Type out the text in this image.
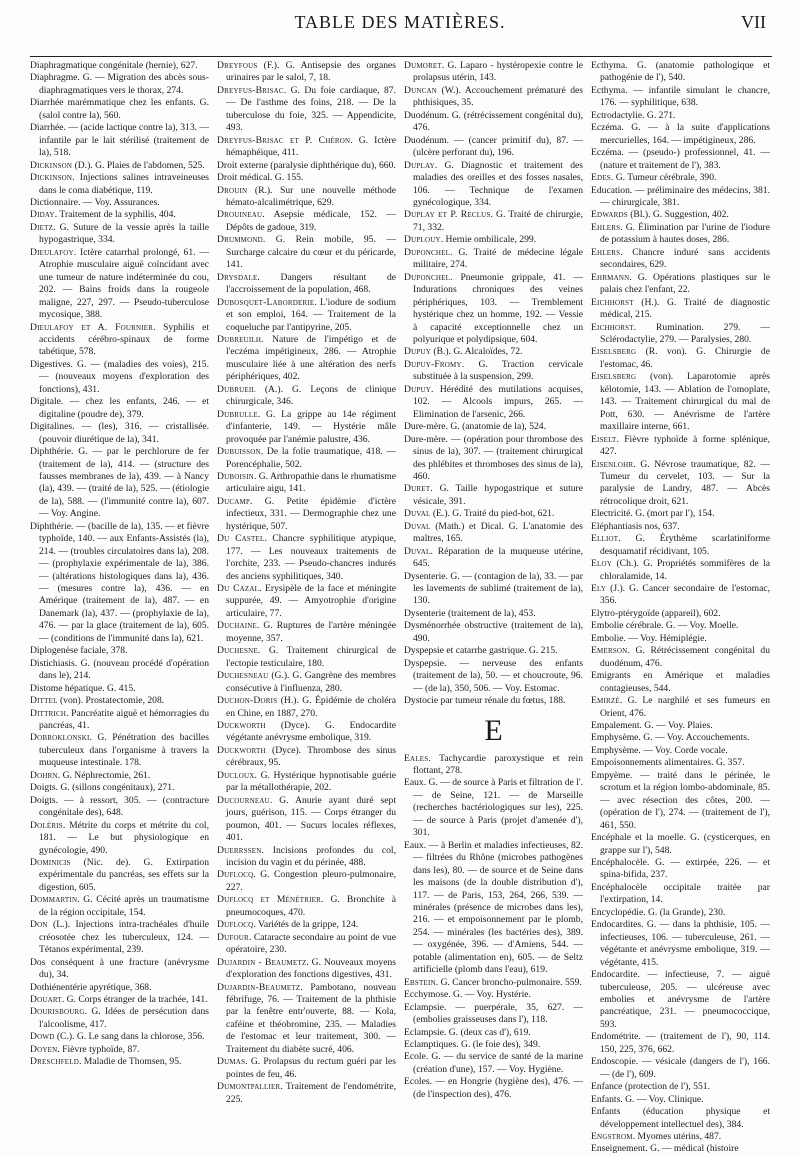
TABLE DES MATIÈRES.	VII

Diaphragmatique congénitale (hernie), 627.

Diaphragme. G. — Migration des abcès sous-diaphragmatiques vers le thorax, 274.

Diarrhée marémmatique chez les enfants. G. (salol contre la), 560.

Diarrhée. — (acide lactique contre la), 313. — infantile par le lait stérilisé (traitement de la), 518.

Dickinson (D.). G. Plaies de l'abdomen, 525.

Dickinson. Injections salines intraveineuses dans le coma diabétique, 119.

Dictionnaire. — Voy. Assurances.

Diday. Traitement de la syphilis, 404.

Dietz. G. Suture de la vessie après la taille hypogastrique, 334.

Dieulafoy. Ictère catarrhal prolongé, 61. — Atrophie musculaire aiguë coïncidant avec une tumeur de nature indéterminée du cou, 202. — Bains froids dans la rougeole maligne, 227, 297. — Pseudo-tuberculose mycosique, 388.

Dieulafoy et A. Fournier. Syphilis et accidents cérébro-spinaux de forme tabétique, 578.

Digestives. G. — (maladies des voies), 215. — (nouveaux moyens d'exploration des fonctions), 431.

Digitale. — chez les enfants, 246. — et digitaline (poudre de), 379.

Digitalines. — (les), 316. — cristallisée. (pouvoir diurétique de la), 341.

Diphthérie. G. — par le perchlorure de fer (traitement de la), 414. — (structure des fausses membranes de la), 439. — à Nancy (la), 439. — (traité de la), 525. — (étiologie de la), 588. — (l'immunité contre la), 607. — Voy. Angine.

Diphthérie. — (bacille de la), 135. — et fièvre typhoïde, 140. — aux Enfants-Assistés (la), 214. — (troubles circulatoires dans la), 208. — (prophylaxie expérimentale de la), 386. — (altérations histologiques dans la), 436. — (mesures contre la), 436. — en Amérique (traitement de la), 487. — en Danemark (la), 437. — (prophylaxie de la), 476. — par la glace (traitement de la), 605. — (conditions de l'immunité dans la), 621.

Diplogenèse faciale, 378.

Distichiasis. G. (nouveau procédé d'opération dans le), 214.

Distome hépatique. G. 415.

Dittel (von). Prostatectomie, 208.

Dittrich. Pancréatite aiguë et hémorragies du pancréas, 41.

Dobroklonski. G. Pénétration des bacilles tuberculeux dans l'organisme à travers la muqueuse intestinale. 178.

Dohrn. G. Néphrectomie, 261.

Doigts. G. (sillons congénitaux), 271.

Doigts. — à ressort, 305. — (contracture congénitale des), 648.

Doléris. Métrite du corps et métrite du col, 181. — Le but physiologique en gynécologie, 490.

Dominicis (Nic. de). G. Extirpation expérimentale du pancréas, ses effets sur la digestion, 605.

Dommartin. G. Cécité après un traumatisme de la région occipitale, 154.

Don (L.). Injections intra-trachéales d'huile créosotée chez les tuberculeux, 124. — Tétanos expérimental, 239.

Dos conséquent à une fracture (anévrysme du), 34.

Dothiénentérie apyrétique, 368.

Douart. G. Corps étranger de la trachée, 141.

Dourisbourg. G. Idées de persécution dans l'alcoolisme, 417.

Dowd (C.). G. Le sang dans la chlorose, 356.

Doyen. Fièvre typhoïde, 87.

Dreschfeld. Maladie de Thomsen, 95.

Dreyfous (F.). G. Antisepsie des organes urinaires par le salol, 7, 18.

Dreyfus-Brisac. G. Du foie cardiaque, 87. — De l'asthme des foins, 218. — De la tuberculose du foie, 325. — Appendicite, 493.

Dreyfus-Brisac et P. Chéron. G. Ictère hémaphéique, 411.

Droit externe (paralysie diphthérique du), 660.

Droit médical. G. 155.

Drouin (R.). Sur une nouvelle méthode hémato-alcalimétrique, 629.

Drouineau. Asepsie médicale, 152. — Dépôts de gadoue, 319.

Drummond. G. Rein mobile, 95. — Surcharge calcaire du cœur et du péricarde, 141.

Drysdale. Dangers résultant de l'accroissement de la population, 468.

Dubosquet-Laborderie. L'iodure de sodium et son emploi, 164. — Traitement de la coqueluche par l'antipyrine, 205.

Dubreuilh. Nature de l'impétigo et de l'eczéma impétigineux, 286. — Atrophie musculaire liée à une altération des nerfs périphériques, 402.

Dubrueil (A.). G. Leçons de clinique chirurgicale, 346.

Dubrulle. G. La grippe au 14e régiment d'infanterie, 149. — Hystérie mâle provoquée par l'anémie palustre, 436.

Dubuisson. De la folie traumatique, 418. — Porencéphalie, 502.

Duboisin. G. Arthropathie dans le rhumatisme articulaire aigu, 141.

Ducamp. G. Petite épidémie d'ictère infectieux, 331. — Dermographie chez une hystérique, 507.

Du Castel. Chancre syphilitique atypique, 177. — Les nouveaux traitements de l'orchite, 233. — Pseudo-chancres indurés des anciens syphilitiques, 340.

Du Cazal. Erysipèle de la face et méningite suppurée, 49. — Amyotrophie d'origine articulaire, 77.

Duchaine. G. Ruptures de l'artère méningée moyenne, 357.

Duchesne. G. Traitement chirurgical de l'ectopie testiculaire, 180.

Duchesneau (G.). G. Gangrène des membres consécutive à l'influenza, 280.

Duchon-Doris (H.). G. Épidémie de choléra en Chine, en 1887, 270.

Duckworth (Dyce). G. Endocardite végétante anévrysme embolique, 319.

Duckworth (Dyce). Thrombose des sinus cérébraux, 95.

Ducloux. G. Hystérique hypnotisable guérie par la métallothérapie, 202.

Ducourneau. G. Anurie ayant duré sept jours, guérison, 115. — Corps étranger du poumon, 401. — Sucurs locales réflexes, 401.

Duerrssen. Incisions profondes du col, incision du vagin et du périnée, 488.

Duflocq. G. Congestion pleuro-pulmonaire, 227.

Duflocq et Ménétrier. G. Bronchite à pneumocoques, 470.

Duflocq. Variétés de la grippe, 124.

Dufour. Cataracte secondaire au point de vue opératoire, 230.

Dujardin - Beaumetz. G. Nouveaux moyens d'exploration des fonctions digestives, 431.

Dujardin-Beaumetz. Pambotano, nouveau fébrifuge, 76. — Traitement de la phthisie par la fenêtre entr'ouverte, 88. — Kola, caféine et théobromine, 235. — Maladies de l'estomac et leur traitement, 300. — Traitement du diabète sucré, 406.

Dumas. G. Prolapsus du rectum guéri par les pointes de feu, 46.

Dumontpallier. Traitement de l'endométrite, 225.

Dumoret. G. Laparo - hystéropexie contre le prolapsus utérin, 143.

Duncan (W.). Accouchement prématuré des phthisiques, 35.

Duodénum. G. (rétrécissement congénital du), 476.

Duodénum. — (cancer primitif du), 87. — (ulcère perforant du), 196.

Duplay. G. Diagnostic et traitement des maladies des oreilles et des fosses nasales, 106. — Technique de l'examen gynécologique, 334.

Duplay et P. Reclus. G. Traité de chirurgie, 71, 332.

Duplouy. Hernie ombilicale, 299.

Duponchel. G. Traité de médecine légale militaire, 274.

Duponchel. Pneumonie grippale, 41. — Indurations chroniques des veines périphériques, 103. — Tremblement hystérique chez un homme, 192. — Vessie à capacité exceptionnelle chez un polyurique et polydipsique, 604.

Dupuy (B.). G. Alcaloïdes, 72.

Dupuy-Fromy. G. Traction cervicale substituée à la suspension, 299.

Dupuy. Hérédité des mutilations acquises, 102. — Alcools impurs, 265. — Elimination de l'arsenic, 266.

Dure-mère. G. (anatomie de la), 524.

Dure-mère. — (opération pour thrombose des sinus de la), 307. — (traitement chirurgical des phlébites et thromboses des sinus de la), 460.

Duret. G. Taille hypogastrique et suture vésicale, 391.

Duval (E.). G. Traité du pied-bot, 621.

Duval (Math.) et Dical. G. L'anatomie des maîtres, 165.

Duval. Réparation de la muqueuse utérine, 645.

Dysenterie. G. — (contagion de la), 33. — par les lavements de sublimé (traitement de la), 130.

Dysenterie (traitement de la), 453.

Dysménorrhée obstructive (traitement de la), 490.

Dyspepsie et catarrhe gastrique. G. 215.

Dyspepsie. — nerveuse des enfants (traitement de la), 50. — et choucroute, 96. — (de la), 350, 506. — Voy. Estomac.

Dystocie par tumeur rénale du fœtus, 188.

E

Eales. Tachycardie paroxystique et rein flottant, 278.

Eaux. G. — de source à Paris et filtration de l'. — de Seine, 121. — de Marseille (recherches bactériologiques sur les), 225. — de source à Paris (projet d'amenée d'), 301.

Eaux. — à Berlin et maladies infectieuses, 82. — filtrées du Rhône (microbes pathogènes dans les), 80. — de source et de Seine dans les maisons (de la double distribution d'), 117. — de Paris, 153, 264, 266, 539. — minérales (présence de microbes dans les), 216. — et empoisonnement par le plomb, 254. — minérales (les bactéries des), 389. — oxygénée, 396. — d'Amiens, 544. — potable (alimentation en), 605. — de Seltz artificielle (plomb dans l'eau), 619.

Ebstein. G. Cancer broncho-pulmonaire. 559.

Ecchymose. G. — Voy. Hystérie.

Eclampsie. — puerpérale, 35, 627. — (embolies graisseuses dans l'), 118.

Eclampsie. G. (deux cas d'), 619.

Eclamptiques. G. (le foie des), 349.

Ecole. G. — du service de santé de la marine (création d'une), 157. — Voy. Hygiène.

Ecoles. — en Hongrie (hygiène des), 476. — (de l'inspection des), 476.

Ecthyma. G. (anatomie pathologique et pathogénie de l'), 540.

Ecthyma. — infantile simulant le chancre, 176. — syphilitique, 638.

Ectrodactylie. G. 271.

Eczéma. G. — à la suite d'applications mercurielles, 164. — impétigineux, 286.

Eczéma. — (pseudo-) professionnel, 41. — (nature et traitement de l'), 383.

Edes. G. Tumeur cérébrale, 390.

Education. — préliminaire des médecins, 381. — chirurgicale, 381.

Edwards (Bl.). G. Suggestion, 402.

Ehlers. G. Élimination par l'urine de l'iodure de potassium à hautes doses, 286.

Ehlers. Chancre induré sans accidents secondaires, 629.

Ehrmann. G. Opérations plastiques sur le palais chez l'enfant, 22.

Eichhorst (H.). G. Traité de diagnostic médical, 215.

Eichhorst. Rumination. 279. — Sclérodactylie, 279. — Paralysies, 280.

Eiselsberg (R. von). G. Chirurgie de l'estomac, 46.

Eiselsberg (von). Laparotomie après kélotomie, 143. — Ablation de l'omoplate, 143. — Traitement chirurgical du mal de Pott, 630. — Anévrisme de l'artère maxillaire interne, 661.

Eiselt. Fièvre typhoïde à forme splénique, 427.

Eisenlohr. G. Névrose traumatique, 82. — Tumeur du cervelet, 103. — Sur la paralysie de Landry, 487. — Abcès rétrocolique droit, 621.

Electricité. G. (mort par l'), 154.

Eléphantiasis nos, 637.

Elliot. G. Érythème scarlatiniforme desquamatif récidivant, 105.

Eloy (Ch.). G. Propriétés sommifères de la chloralamide, 14.

Ely (J.). G. Cancer secondaire de l'estomac, 356.

Elytro-ptérygoïde (appareil), 602.

Embolie cérébrale. G. — Voy. Moelle.

Embolie. — Voy. Hémiplégie.

Emerson. G. Rétrécissement congénital du duodénum, 476.

Emigrants en Amérique et maladies contagieuses, 544.

Emirzé. G. Le narghilé et ses fumeurs en Orient, 476.

Empalement. G. — Voy. Plaies.

Emphysème. G. — Voy. Accouchements.

Emphysème. — Voy. Corde vocale.

Empoisonnements alimentaires. G. 357.

Empyème. — traité dans le périnée, le scrotum et la région lombo-abdominale, 85. — avec résection des côtes, 200. — (opération de l'), 274. — (traitement de l'), 461, 550.

Encéphale et la moelle. G. (cysticerques, en grappe sur l'), 548.

Encéphalocèle. G. — extirpée, 226. — et spina-bifida, 237.

Encéphalocèle occipitale traitée par l'extirpation, 14.

Encyclopédie. G. (la Grande), 230.

Endocardites. G. — dans la phthisie, 105. — infectieuses, 106. — tuberculeuse, 261. — végétante et anévrysme embolique, 319. — végétante, 415.

Endocardite. — infectieuse, 7. — aiguë tuberculeuse, 205. — ulcéreuse avec embolies et anévrysme de l'artère pancréatique, 231. — pneumococcique, 593.

Endométrite. — (traitement de l'), 90, 114. 150, 225, 376, 662.

Endoscopie. — vésicale (dangers de l'), 166. — (de l'), 609.

Enfance (protection de l'), 551.

Enfants. G. — Voy. Clinique.

Enfants (éducation physique et développement intellectuel des), 384.

Engstrom. Myomes utérins, 487.

Enseignement. G. — médical (histoire
